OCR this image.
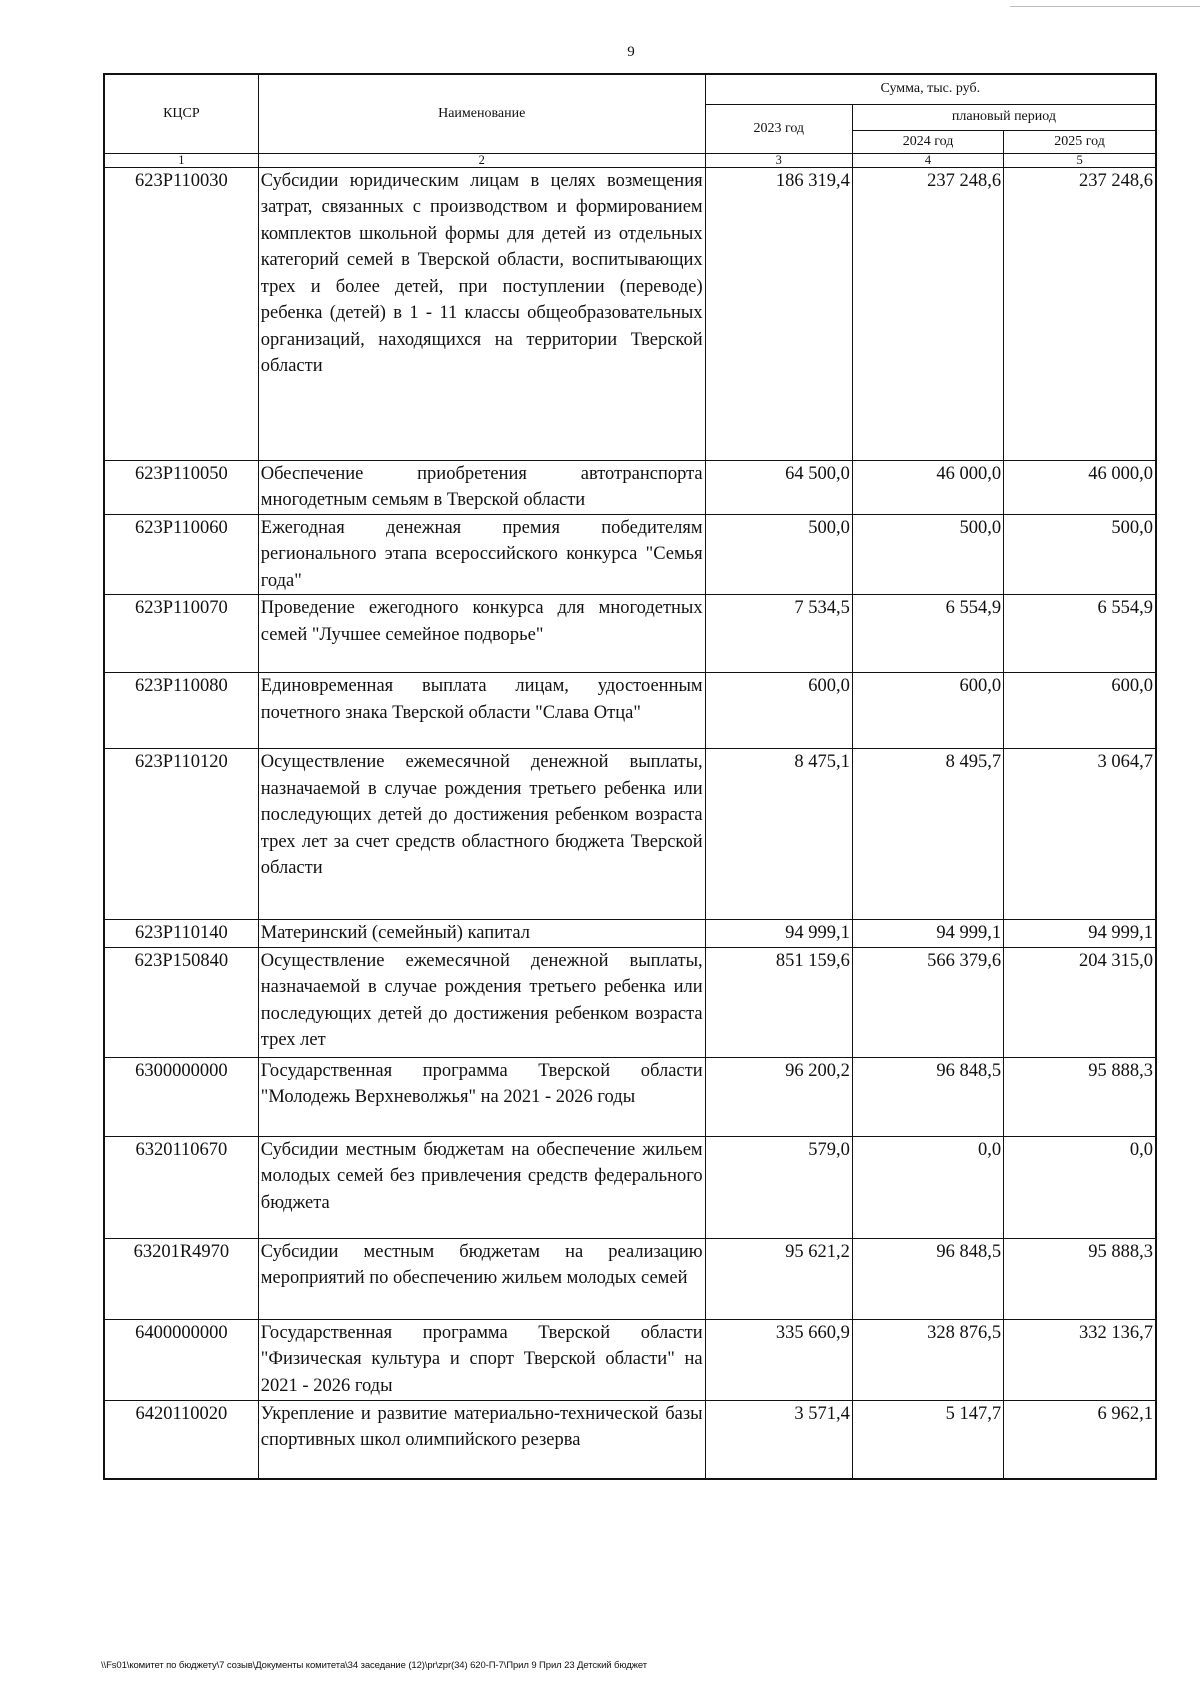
9
КЦСР	Наименование	Сумма, тыс. руб.		
		2023 год	плановый период	
			2024 год	2025 год
1	2	3	4	5
623P110030	Субсидии юридическим лицам в целях возмещения затрат, связанных с производством и формированием комплектов школьной формы для детей из отдельных категорий семей в Тверской области, воспитывающих трех и более детей, при поступлении (переводе) ребенка (детей) в 1 - 11 классы общеобразовательных организаций, находящихся на территории Тверской области	186 319,4	237 248,6	237 248,6
623P110050	Обеспечение приобретения автотранспорта многодетным семьям в Тверской области	64 500,0	46 000,0	46 000,0
623P110060	Ежегодная денежная премия победителям регионального этапа всероссийского конкурса "Семья года"	500,0	500,0	500,0
623P110070	Проведение ежегодного конкурса для многодетных семей "Лучшее семейное подворье"	7 534,5	6 554,9	6 554,9
623P110080	Единовременная выплата лицам, удостоенным почетного знака Тверской области "Слава Отца"	600,0	600,0	600,0
623P110120	Осуществление ежемесячной денежной выплаты, назначаемой в случае рождения третьего ребенка или последующих детей до достижения ребенком возраста трех лет за счет средств областного бюджета Тверской области	8 475,1	8 495,7	3 064,7
623P110140	Материнский (семейный) капитал	94 999,1	94 999,1	94 999,1
623P150840	Осуществление ежемесячной денежной выплаты, назначаемой в случае рождения третьего ребенка или последующих детей до достижения ребенком возраста трех лет	851 159,6	566 379,6	204 315,0
6300000000	Государственная программа Тверской области "Молодежь Верхневолжья" на 2021 - 2026 годы	96 200,2	96 848,5	95 888,3
6320110670	Субсидии местным бюджетам на обеспечение жильем молодых семей без привлечения средств федерального бюджета	579,0	0,0	0,0
63201R4970	Субсидии местным бюджетам на реализацию мероприятий по обеспечению жильем молодых семей	95 621,2	96 848,5	95 888,3
6400000000	Государственная программа Тверской области "Физическая культура и спорт Тверской области" на 2021 - 2026 годы	335 660,9	328 876,5	332 136,7
6420110020	Укрепление и развитие материально-технической базы спортивных школ олимпийского резерва	3 571,4	5 147,7	6 962,1
\\Fs01\комитет по бюджету\7 созыв\Документы комитета\34 заседание (12)\pr\zpr(34) 620-П-7\Прил 9 Прил 23 Детский бюджет
